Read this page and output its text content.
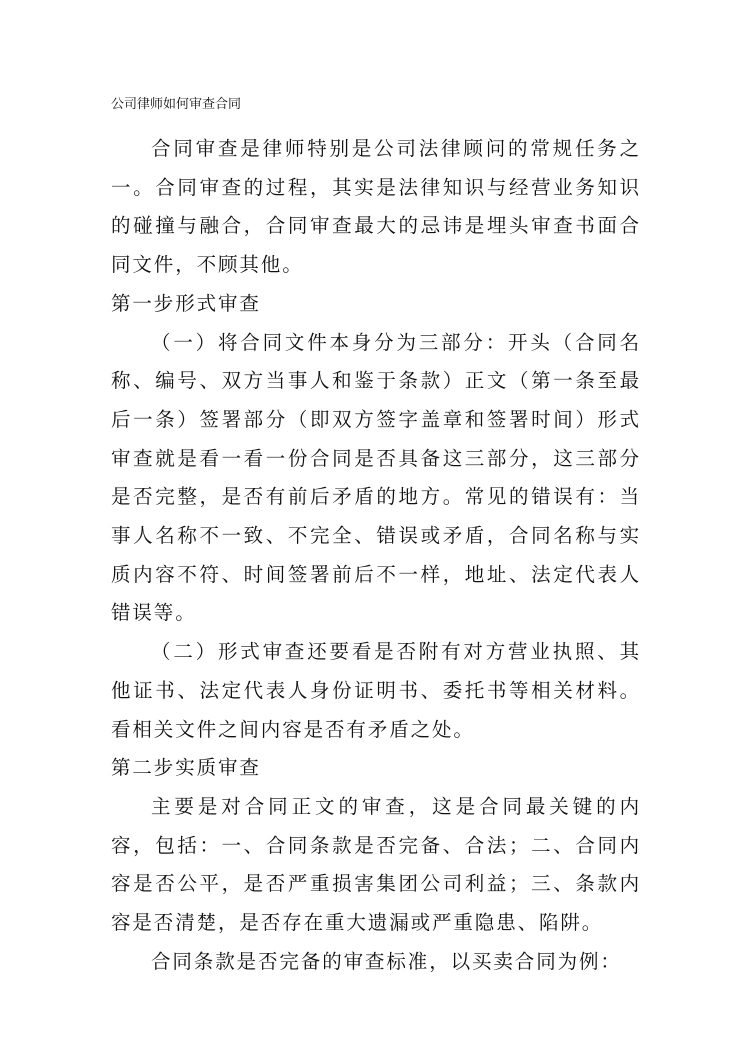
公司律师如何审查合同

合同审查是律师特别是公司法律顾问的常规任务之一。合同审查的过程，其实是法律知识与经营业务知识的碰撞与融合，合同审查最大的忌讳是埋头审查书面合同文件，不顾其他。

第一步形式审查

（一）将合同文件本身分为三部分：开头（合同名称、编号、双方当事人和鉴于条款）正文（第一条至最后一条）签署部分（即双方签字盖章和签署时间）形式审查就是看一看一份合同是否具备这三部分，这三部分是否完整，是否有前后矛盾的地方。常见的错误有：当事人名称不一致、不完全、错误或矛盾，合同名称与实质内容不符、时间签署前后不一样，地址、法定代表人错误等。

（二）形式审查还要看是否附有对方营业执照、其他证书、法定代表人身份证明书、委托书等相关材料。看相关文件之间内容是否有矛盾之处。

第二步实质审查

主要是对合同正文的审查，这是合同最关键的内容，包括：一、合同条款是否完备、合法；二、合同内容是否公平，是否严重损害集团公司利益；三、条款内容是否清楚，是否存在重大遗漏或严重隐患、陷阱。

合同条款是否完备的审查标准，以买卖合同为例：
